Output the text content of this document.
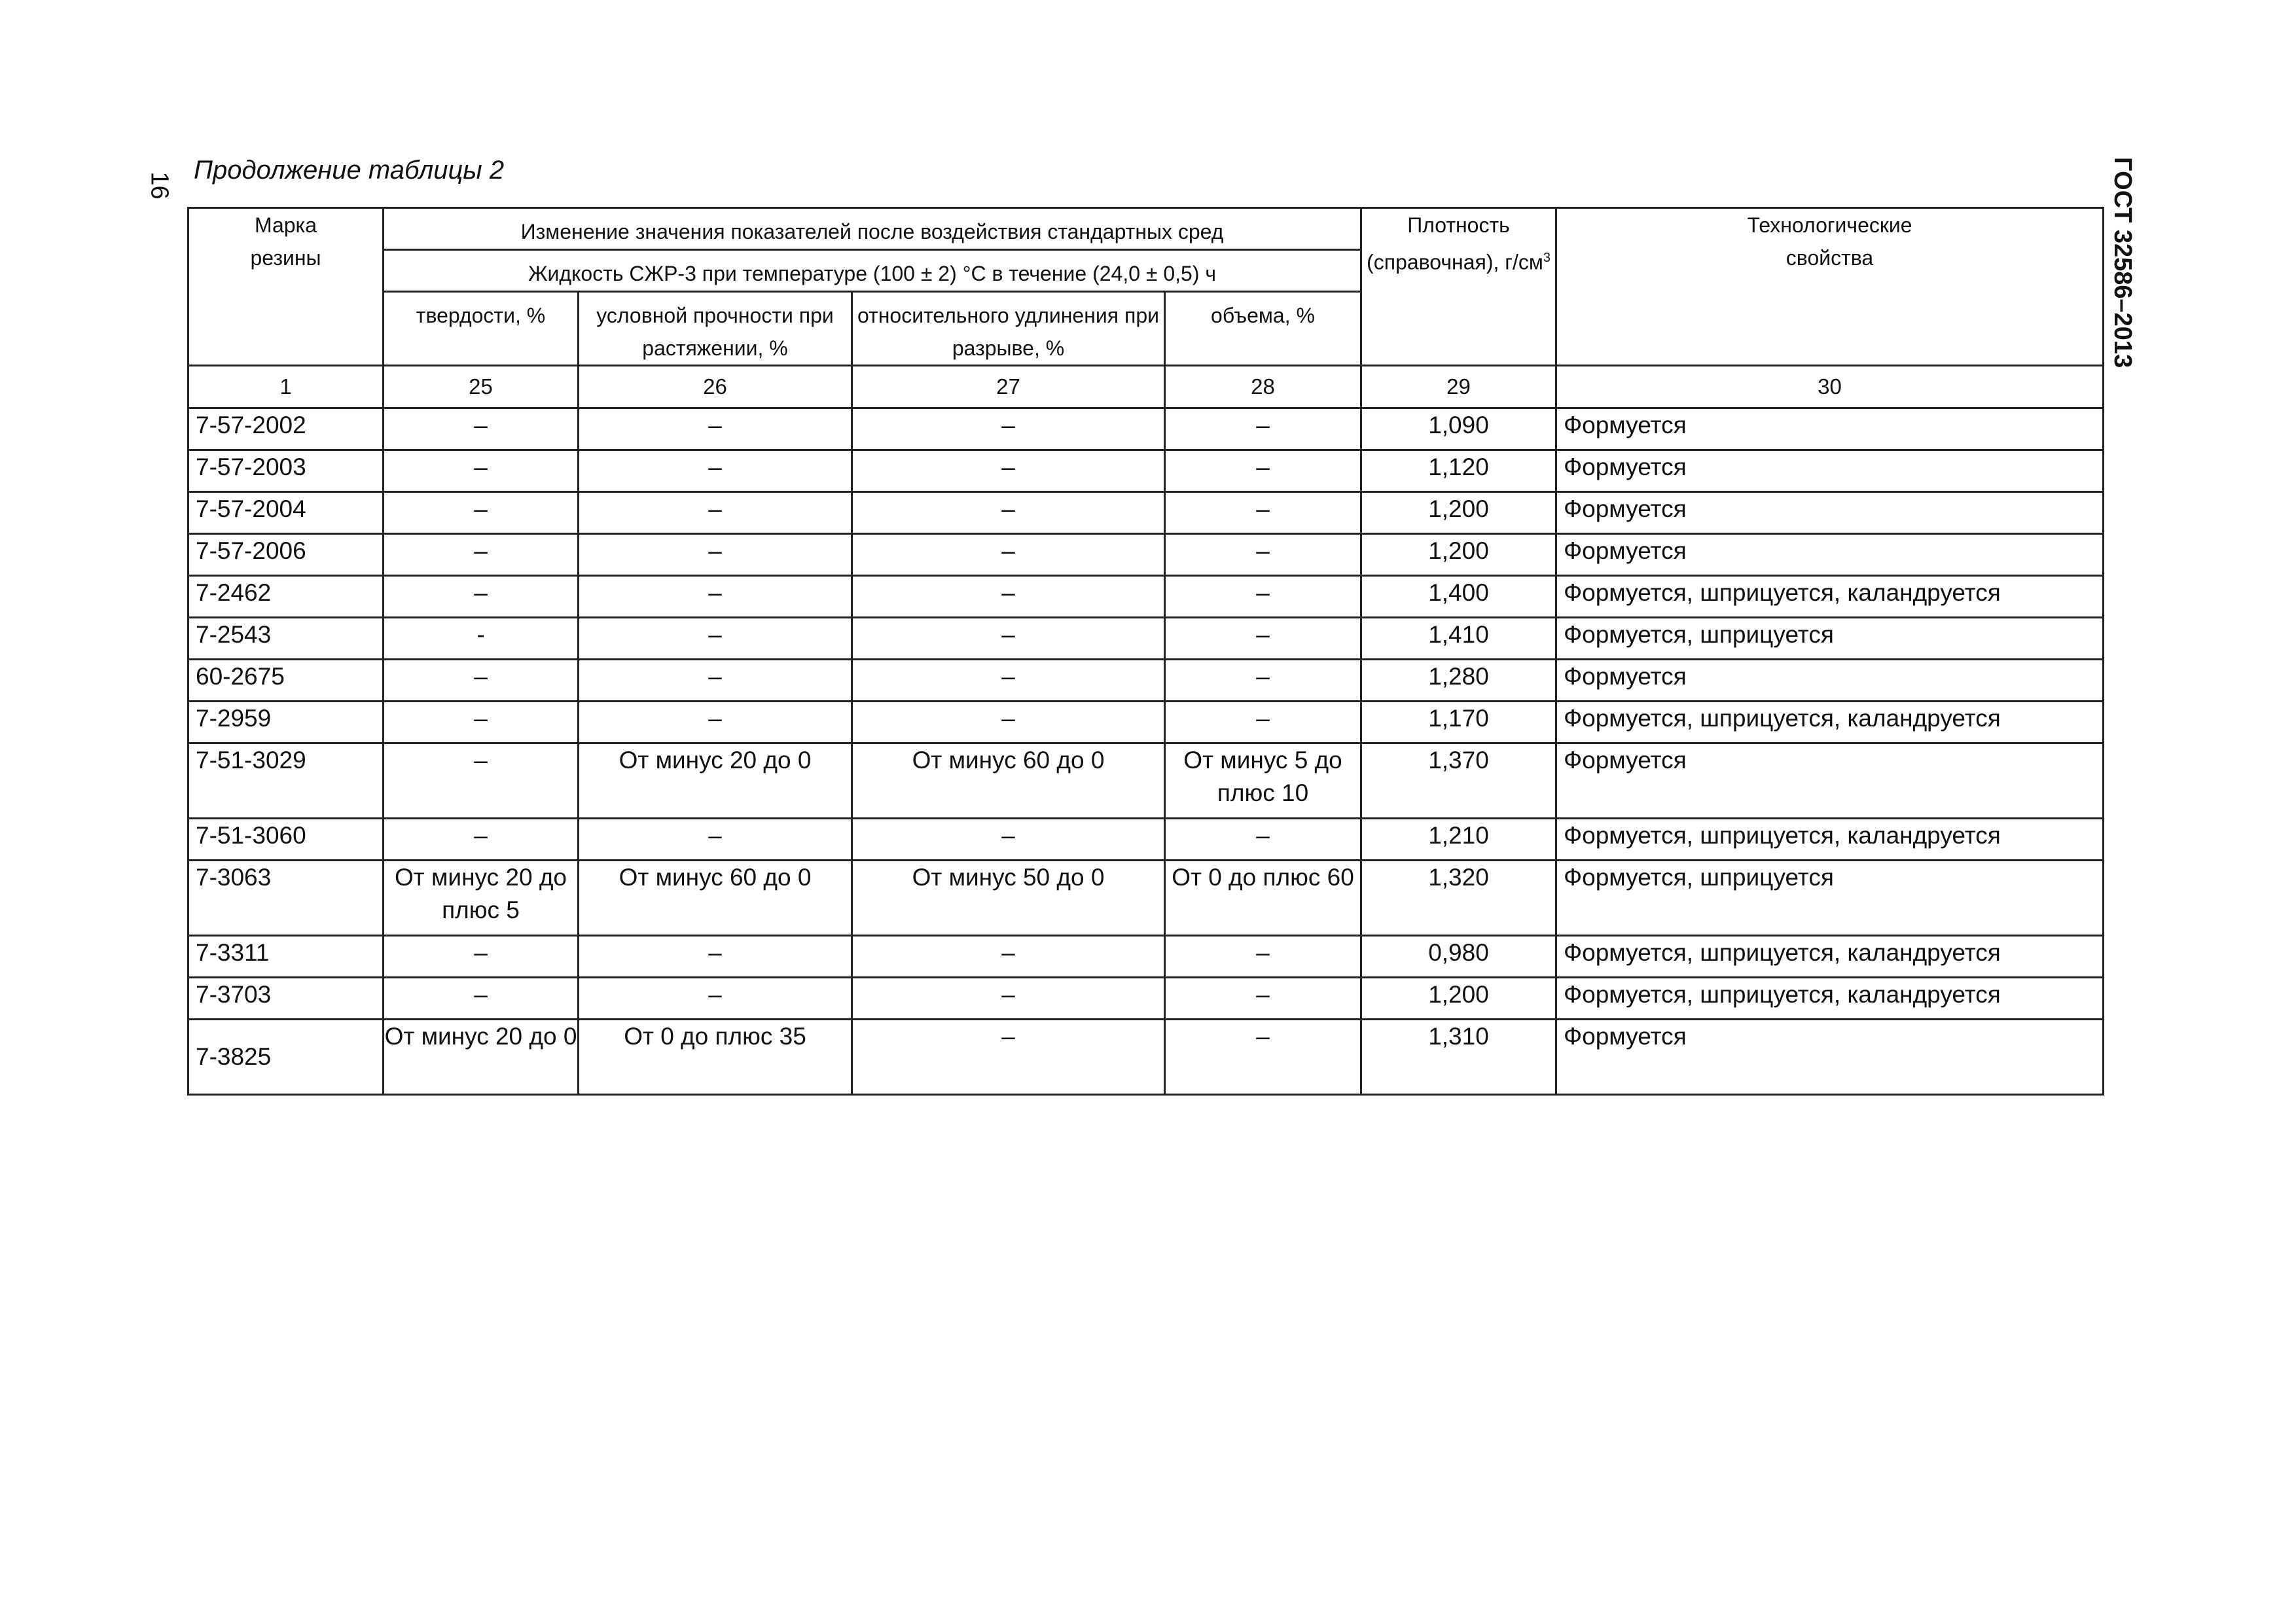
16
Продолжение таблицы 2	ГОСТ 32586–2013
Марка резины	Изменение значения показателей после воздействия стандартных сред				Плотность (справочная), $г/см^3$	Технологические свойства
	Жидкость СЖР-3 при температуре (100 ± 2) °С в течение (24,0 ± 0,5) ч					
	твердости, %	условной прочности при растяжении, %	относительного удлинения при разрыве, %	объема, %		
1	25	26	27	28	29	30
7-57-2002	–	–	–	–	1,090	Формуется
7-57-2003	–	–	–	–	1,120	Формуется
7-57-2004	–	–	–	–	1,200	Формуется
7-57-2006	–	–	–	–	1,200	Формуется
7-2462	–	–	–	–	1,400	Формуется, шприцуется, каландруется
7-2543	-	–	–	–	1,410	Формуется, шприцуется
60-2675	–	–	–	–	1,280	Формуется
7-2959	–	–	–	–	1,170	Формуется, шприцуется, каландруется
7-51-3029	–	От минус 20 до 0	От минус 60 до 0	От минус 5 до плюс 10	1,370	Формуется
7-51-3060	–	–	–	–	1,210	Формуется, шприцуется, каландруется
7-3063	От минус 20 до плюс 5	От минус 60 до 0	От минус 50 до 0	От 0 до плюс 60	1,320	Формуется, шприцуется
7-3311	–	–	–	–	0,980	Формуется, шприцуется, каландруется
7-3703	–	–	–	–	1,200	Формуется, шприцуется, каландруется
7-3825	От минус 20 до 0	От 0 до плюс 35	–	–	1,310	Формуется
